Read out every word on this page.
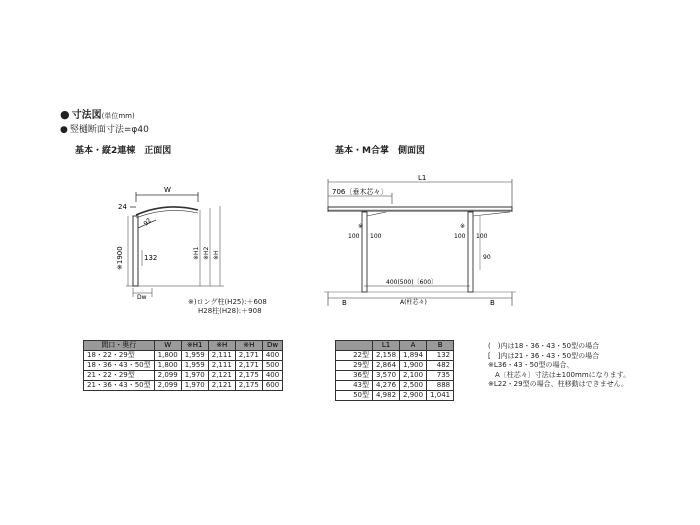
● 寸法図(単位mm)
● 竪樋断面寸法=φ40
基本・縦2連棟　正面図	基本・M合掌　側面図
W
24
92
※1900	132	※H1 ※H2 ※H
Dw
※)ロング柱(H25):＋608
H28柱(H28):＋908
L1
706〔垂木芯々〕
※	※
100 100	100 100
90
400(500)〔600〕
A(柱芯々)
B	B
間口・奥行	W	※H1	※H	※H	Dw
18・22・29型	1,800	1,959	2,111	2,171	400
18・36・43・50型	1,800	1,959	2,111	2,171	500
21・22・29型	2,099	1,970	2,121	2,175	400
21・36・43・50型	2,099	1,970	2,121	2,175	600
	L1	A	B
22型	2,158	1,894	132
29型	2,864	1,900	482
36型	3,570	2,100	735
43型	4,276	2,500	888
50型	4,982	2,900	1,041
(　)内は18・36・43・50型の場合
[　]内は21・36・43・50型の場合
※L36・43・50型の場合、
　A〔柱芯々〕寸法は±100mmになります。
※L22・29型の場合、柱移動はできません。
